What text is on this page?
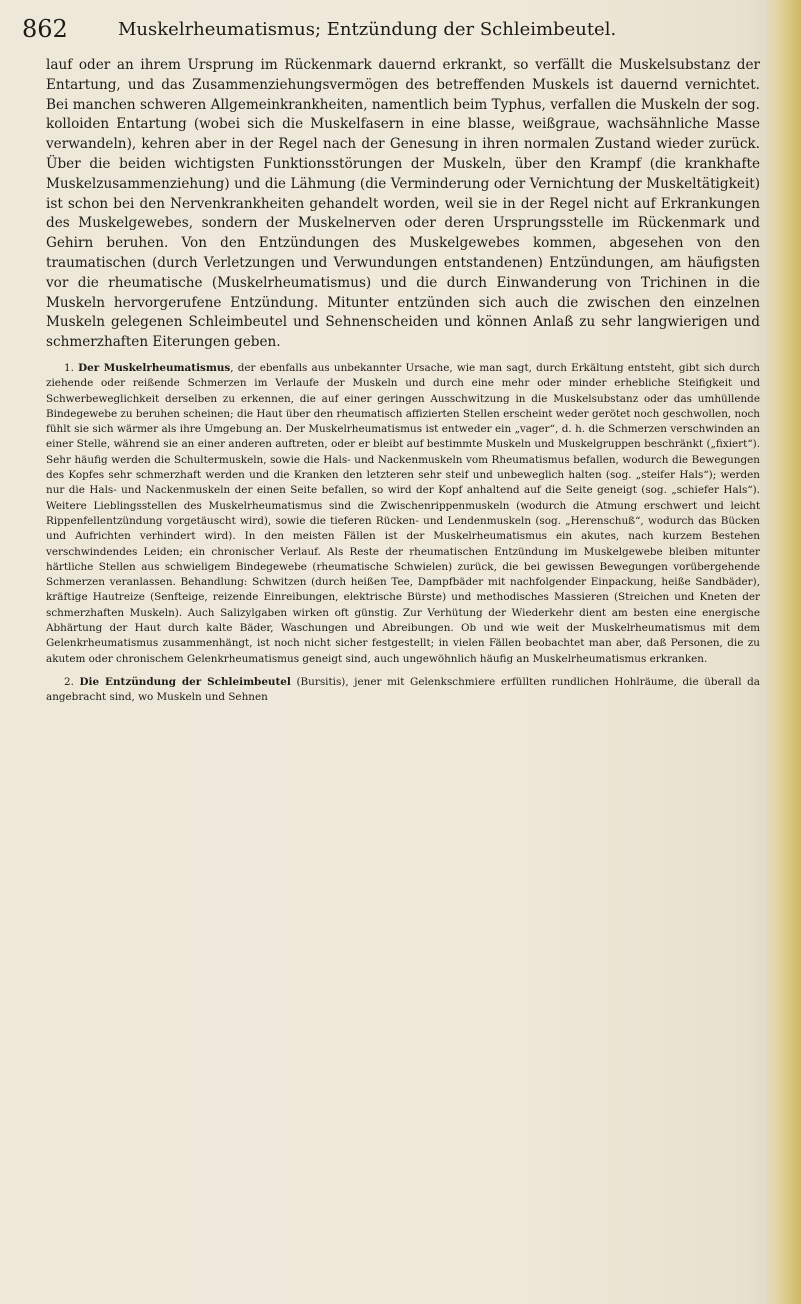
862	Muskelrheumatismus; Entzündung der Schleimbeutel.

lauf oder an ihrem Ursprung im Rückenmark dauernd erkrankt, so verfällt die Muskelsubstanz der Entartung, und das Zusammenziehungsvermögen des betreffenden Muskels ist dauernd vernichtet. Bei manchen schweren Allgemeinkrankheiten, namentlich beim Typhus, verfallen die Muskeln der sog. kolloiden Entartung (wobei sich die Muskelfasern in eine blasse, weißgraue, wachsähnliche Masse verwandeln), kehren aber in der Regel nach der Genesung in ihren normalen Zustand wieder zurück. Über die beiden wichtigsten Funktionsstörungen der Muskeln, über den Krampf (die krankhafte Muskelzusammenziehung) und die Lähmung (die Verminderung oder Vernichtung der Muskeltätigkeit) ist schon bei den Nervenkrankheiten gehandelt worden, weil sie in der Regel nicht auf Erkrankungen des Muskelgewebes, sondern der Muskelnerven oder deren Ursprungsstelle im Rückenmark und Gehirn beruhen. Von den Entzündungen des Muskelgewebes kommen, abgesehen von den traumatischen (durch Verletzungen und Verwundungen entstandenen) Entzündungen, am häufigsten vor die rheumatische (Muskelrheumatismus) und die durch Einwanderung von Trichinen in die Muskeln hervorgerufene Entzündung. Mitunter entzünden sich auch die zwischen den einzelnen Muskeln gelegenen Schleimbeutel und Sehnenscheiden und können Anlaß zu sehr langwierigen und schmerzhaften Eiterungen geben.

1. Der Muskelrheumatismus, der ebenfalls aus unbekannter Ursache, wie man sagt, durch Erkältung entsteht, gibt sich durch ziehende oder reißende Schmerzen im Verlaufe der Muskeln und durch eine mehr oder minder erhebliche Steifigkeit und Schwerbeweglichkeit derselben zu erkennen, die auf einer geringen Ausschwitzung in die Muskelsubstanz oder das umhüllende Bindegewebe zu beruhen scheinen; die Haut über den rheumatisch affizierten Stellen erscheint weder gerötet noch geschwollen, noch fühlt sie sich wärmer als ihre Umgebung an. Der Muskelrheumatismus ist entweder ein „vager“, d. h. die Schmerzen verschwinden an einer Stelle, während sie an einer anderen auftreten, oder er bleibt auf bestimmte Muskeln und Muskelgruppen beschränkt („fixiert“). Sehr häufig werden die Schultermuskeln, sowie die Hals- und Nackenmuskeln vom Rheumatismus befallen, wodurch die Bewegungen des Kopfes sehr schmerzhaft werden und die Kranken den letzteren sehr steif und unbeweglich halten (sog. „steifer Hals“); werden nur die Hals- und Nackenmuskeln der einen Seite befallen, so wird der Kopf anhaltend auf die Seite geneigt (sog. „schiefer Hals“). Weitere Lieblingsstellen des Muskelrheumatismus sind die Zwischenrippenmuskeln (wodurch die Atmung erschwert und leicht Rippenfellentzündung vorgetäuscht wird), sowie die tieferen Rücken- und Lendenmuskeln (sog. „Herenschuß“, wodurch das Bücken und Aufrichten verhindert wird). In den meisten Fällen ist der Muskelrheumatismus ein akutes, nach kurzem Bestehen verschwindendes Leiden; ein chronischer Verlauf. Als Reste der rheumatischen Entzündung im Muskelgewebe bleiben mitunter härtliche Stellen aus schwieligem Bindegewebe (rheumatische Schwielen) zurück, die bei gewissen Bewegungen vorübergehende Schmerzen veranlassen. Behandlung: Schwitzen (durch heißen Tee, Dampfbäder mit nachfolgender Einpackung, heiße Sandbäder), kräftige Hautreize (Senfteige, reizende Einreibungen, elektrische Bürste) und methodisches Massieren (Streichen und Kneten der schmerzhaften Muskeln). Auch Salizylgaben wirken oft günstig. Zur Verhütung der Wiederkehr dient am besten eine energische Abhärtung der Haut durch kalte Bäder, Waschungen und Abreibungen. Ob und wie weit der Muskelrheumatismus mit dem Gelenkrheumatismus zusammenhängt, ist noch nicht sicher festgestellt; in vielen Fällen beobachtet man aber, daß Personen, die zu akutem oder chronischem Gelenkrheumatismus geneigt sind, auch ungewöhnlich häufig an Muskelrheumatismus erkranken.

2. Die Entzündung der Schleimbeutel (Bursitis), jener mit Gelenkschmiere erfüllten rundlichen Hohlräume, die überall da angebracht sind, wo Muskeln und Sehnen
